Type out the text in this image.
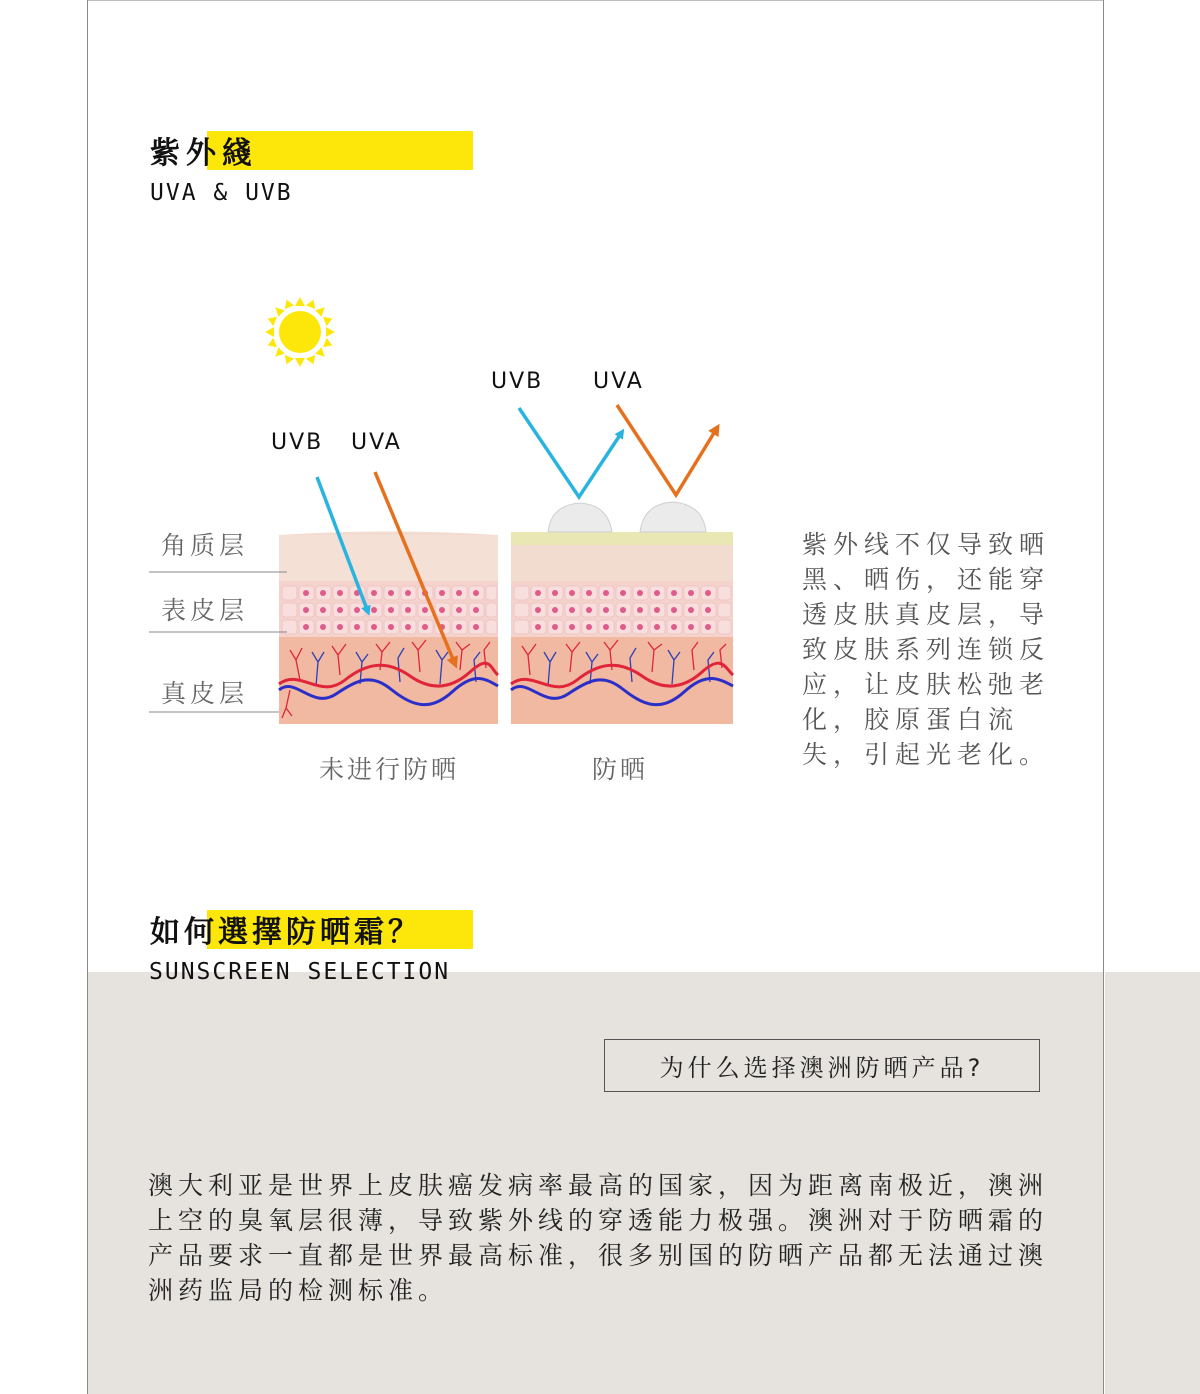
紫外綫
UVA & UVB
UVB UVA
UVB UVA
角质层
表皮层
真皮层
未进行防晒	防晒
紫外线不仅导致晒黑、晒伤，还能穿透皮肤真皮层，导致皮肤系列连锁反应，让皮肤松弛老化，胶原蛋白流失，引起光老化。
如何選擇防晒霜？
SUNSCREEN SELECTION
为什么选择澳洲防晒产品?
澳大利亚是世界上皮肤癌发病率最高的国家，因为距离南极近，澳洲上空的臭氧层很薄，导致紫外线的穿透能力极强。澳洲对于防晒霜的产品要求一直都是世界最高标准，很多别国的防晒产品都无法通过澳洲药监局的检测标准。
